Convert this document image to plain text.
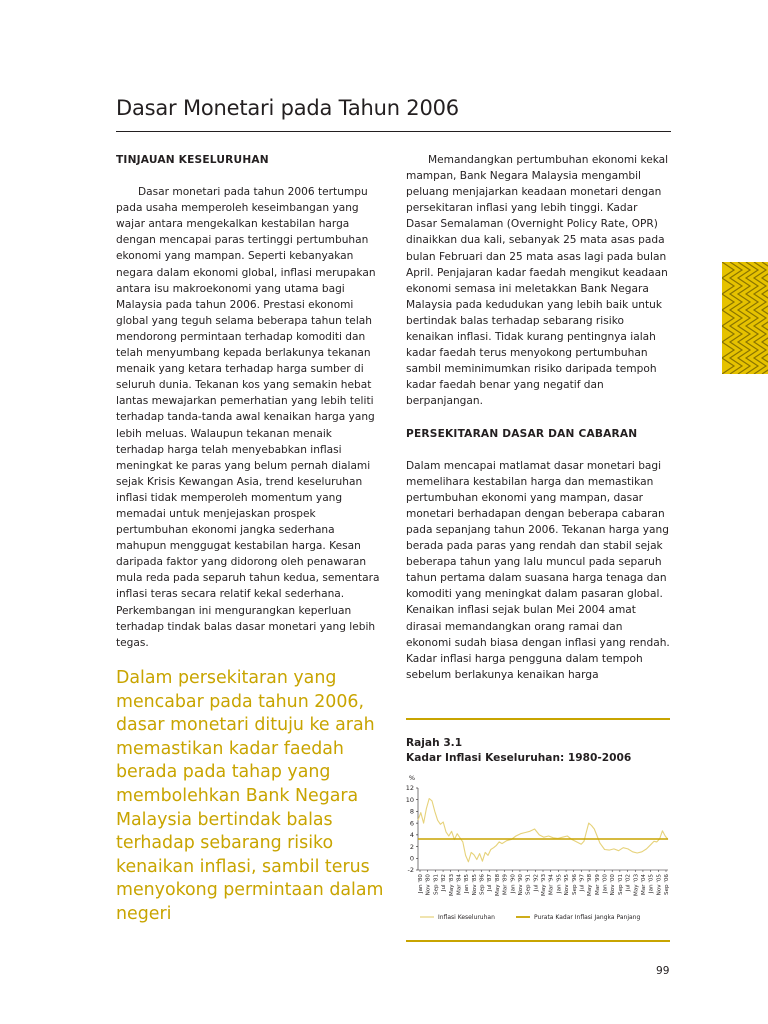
Dasar Monetari pada Tahun 2006

TINJAUAN KESELURUHAN

Dasar monetari pada tahun 2006 tertumpu pada usaha memperoleh keseimbangan yang wajar antara mengekalkan kestabilan harga dengan mencapai paras tertinggi pertumbuhan ekonomi yang mampan. Seperti kebanyakan negara dalam ekonomi global, inflasi merupakan antara isu makroekonomi yang utama bagi Malaysia pada tahun 2006. Prestasi ekonomi global yang teguh selama beberapa tahun telah mendorong permintaan terhadap komoditi dan telah menyumbang kepada berlakunya tekanan menaik yang ketara terhadap harga sumber di seluruh dunia. Tekanan kos yang semakin hebat lantas mewajarkan pemerhatian yang lebih teliti terhadap tanda-tanda awal kenaikan harga yang lebih meluas. Walaupun tekanan menaik terhadap harga telah menyebabkan inflasi meningkat ke paras yang belum pernah dialami sejak Krisis Kewangan Asia, trend keseluruhan inflasi tidak memperoleh momentum yang memadai untuk menjejaskan prospek pertumbuhan ekonomi jangka sederhana mahupun menggugat kestabilan harga. Kesan daripada faktor yang didorong oleh penawaran mula reda pada separuh tahun kedua, sementara inflasi teras secara relatif kekal sederhana. Perkembangan ini mengurangkan keperluan terhadap tindak balas dasar monetari yang lebih tegas.

Dalam persekitaran yang mencabar pada tahun 2006, dasar monetari dituju ke arah memastikan kadar faedah berada pada tahap yang membolehkan Bank Negara Malaysia bertindak balas terhadap sebarang risiko kenaikan inflasi, sambil terus menyokong permintaan dalam negeri

Memandangkan pertumbuhan ekonomi kekal mampan, Bank Negara Malaysia mengambil peluang menjajarkan keadaan monetari dengan persekitaran inflasi yang lebih tinggi. Kadar Dasar Semalaman (Overnight Policy Rate, OPR) dinaikkan dua kali, sebanyak 25 mata asas pada bulan Februari dan 25 mata asas lagi pada bulan April. Penjajaran kadar faedah mengikut keadaan ekonomi semasa ini meletakkan Bank Negara Malaysia pada kedudukan yang lebih baik untuk bertindak balas terhadap sebarang risiko kenaikan inflasi. Tidak kurang pentingnya ialah kadar faedah terus menyokong pertumbuhan sambil meminimumkan risiko daripada tempoh kadar faedah benar yang negatif dan berpanjangan.

PERSEKITARAN DASAR DAN CABARAN

Dalam mencapai matlamat dasar monetari bagi memelihara kestabilan harga dan memastikan pertumbuhan ekonomi yang mampan, dasar monetari berhadapan dengan beberapa cabaran pada sepanjang tahun 2006. Tekanan harga yang berada pada paras yang rendah dan stabil sejak beberapa tahun yang lalu muncul pada separuh tahun pertama dalam suasana harga tenaga dan komoditi yang meningkat dalam pasaran global. Kenaikan inflasi sejak bulan Mei 2004 amat dirasai memandangkan orang ramai dan ekonomi sudah biasa dengan inflasi yang rendah. Kadar inflasi harga pengguna dalam tempoh sebelum berlakunya kenaikan harga

Rajah 3.1
Kadar Inflasi Keseluruhan: 1980-2006
%
-2
0
2
4
6
8
10
12
Jan '80 Nov '80 Sep '81 Jul '82 May '83 Mar '84 Jan '85 Nov '85 Sep '86 Jul '87 May '88 Mar '89 Jan '90 Nov '90 Sep '91 Jul '92 May '93 Mar '94 Jan '95 Nov '95 Sep '96 Jul '97 May '98 Mar '99 Jan '00 Nov '00 Sep '01 Jul '02 May '03 Mar '04 Jan '05 Nov '05 Sep '06
Inflasi Keseluruhan	Purata Kadar Inflasi Jangka Panjang
99
